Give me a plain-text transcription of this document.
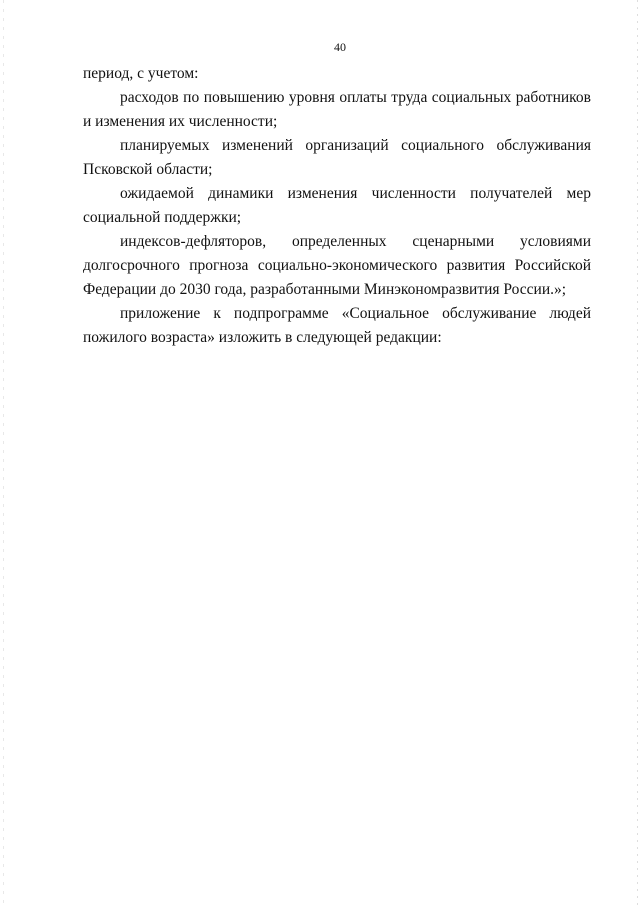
40

период, с учетом:

расходов по повышению уровня оплаты труда социальных работников и изменения их численности;

планируемых изменений организаций социального обслуживания Псковской области;

ожидаемой динамики изменения численности получателей мер социальной поддержки;

индексов-дефляторов, определенных сценарными условиями долгосрочного прогноза социально-экономического развития Российской Федерации до 2030 года, разработанными Минэкономразвития России.»;

приложение к подпрограмме «Социальное обслуживание людей пожилого возраста» изложить в следующей редакции:
